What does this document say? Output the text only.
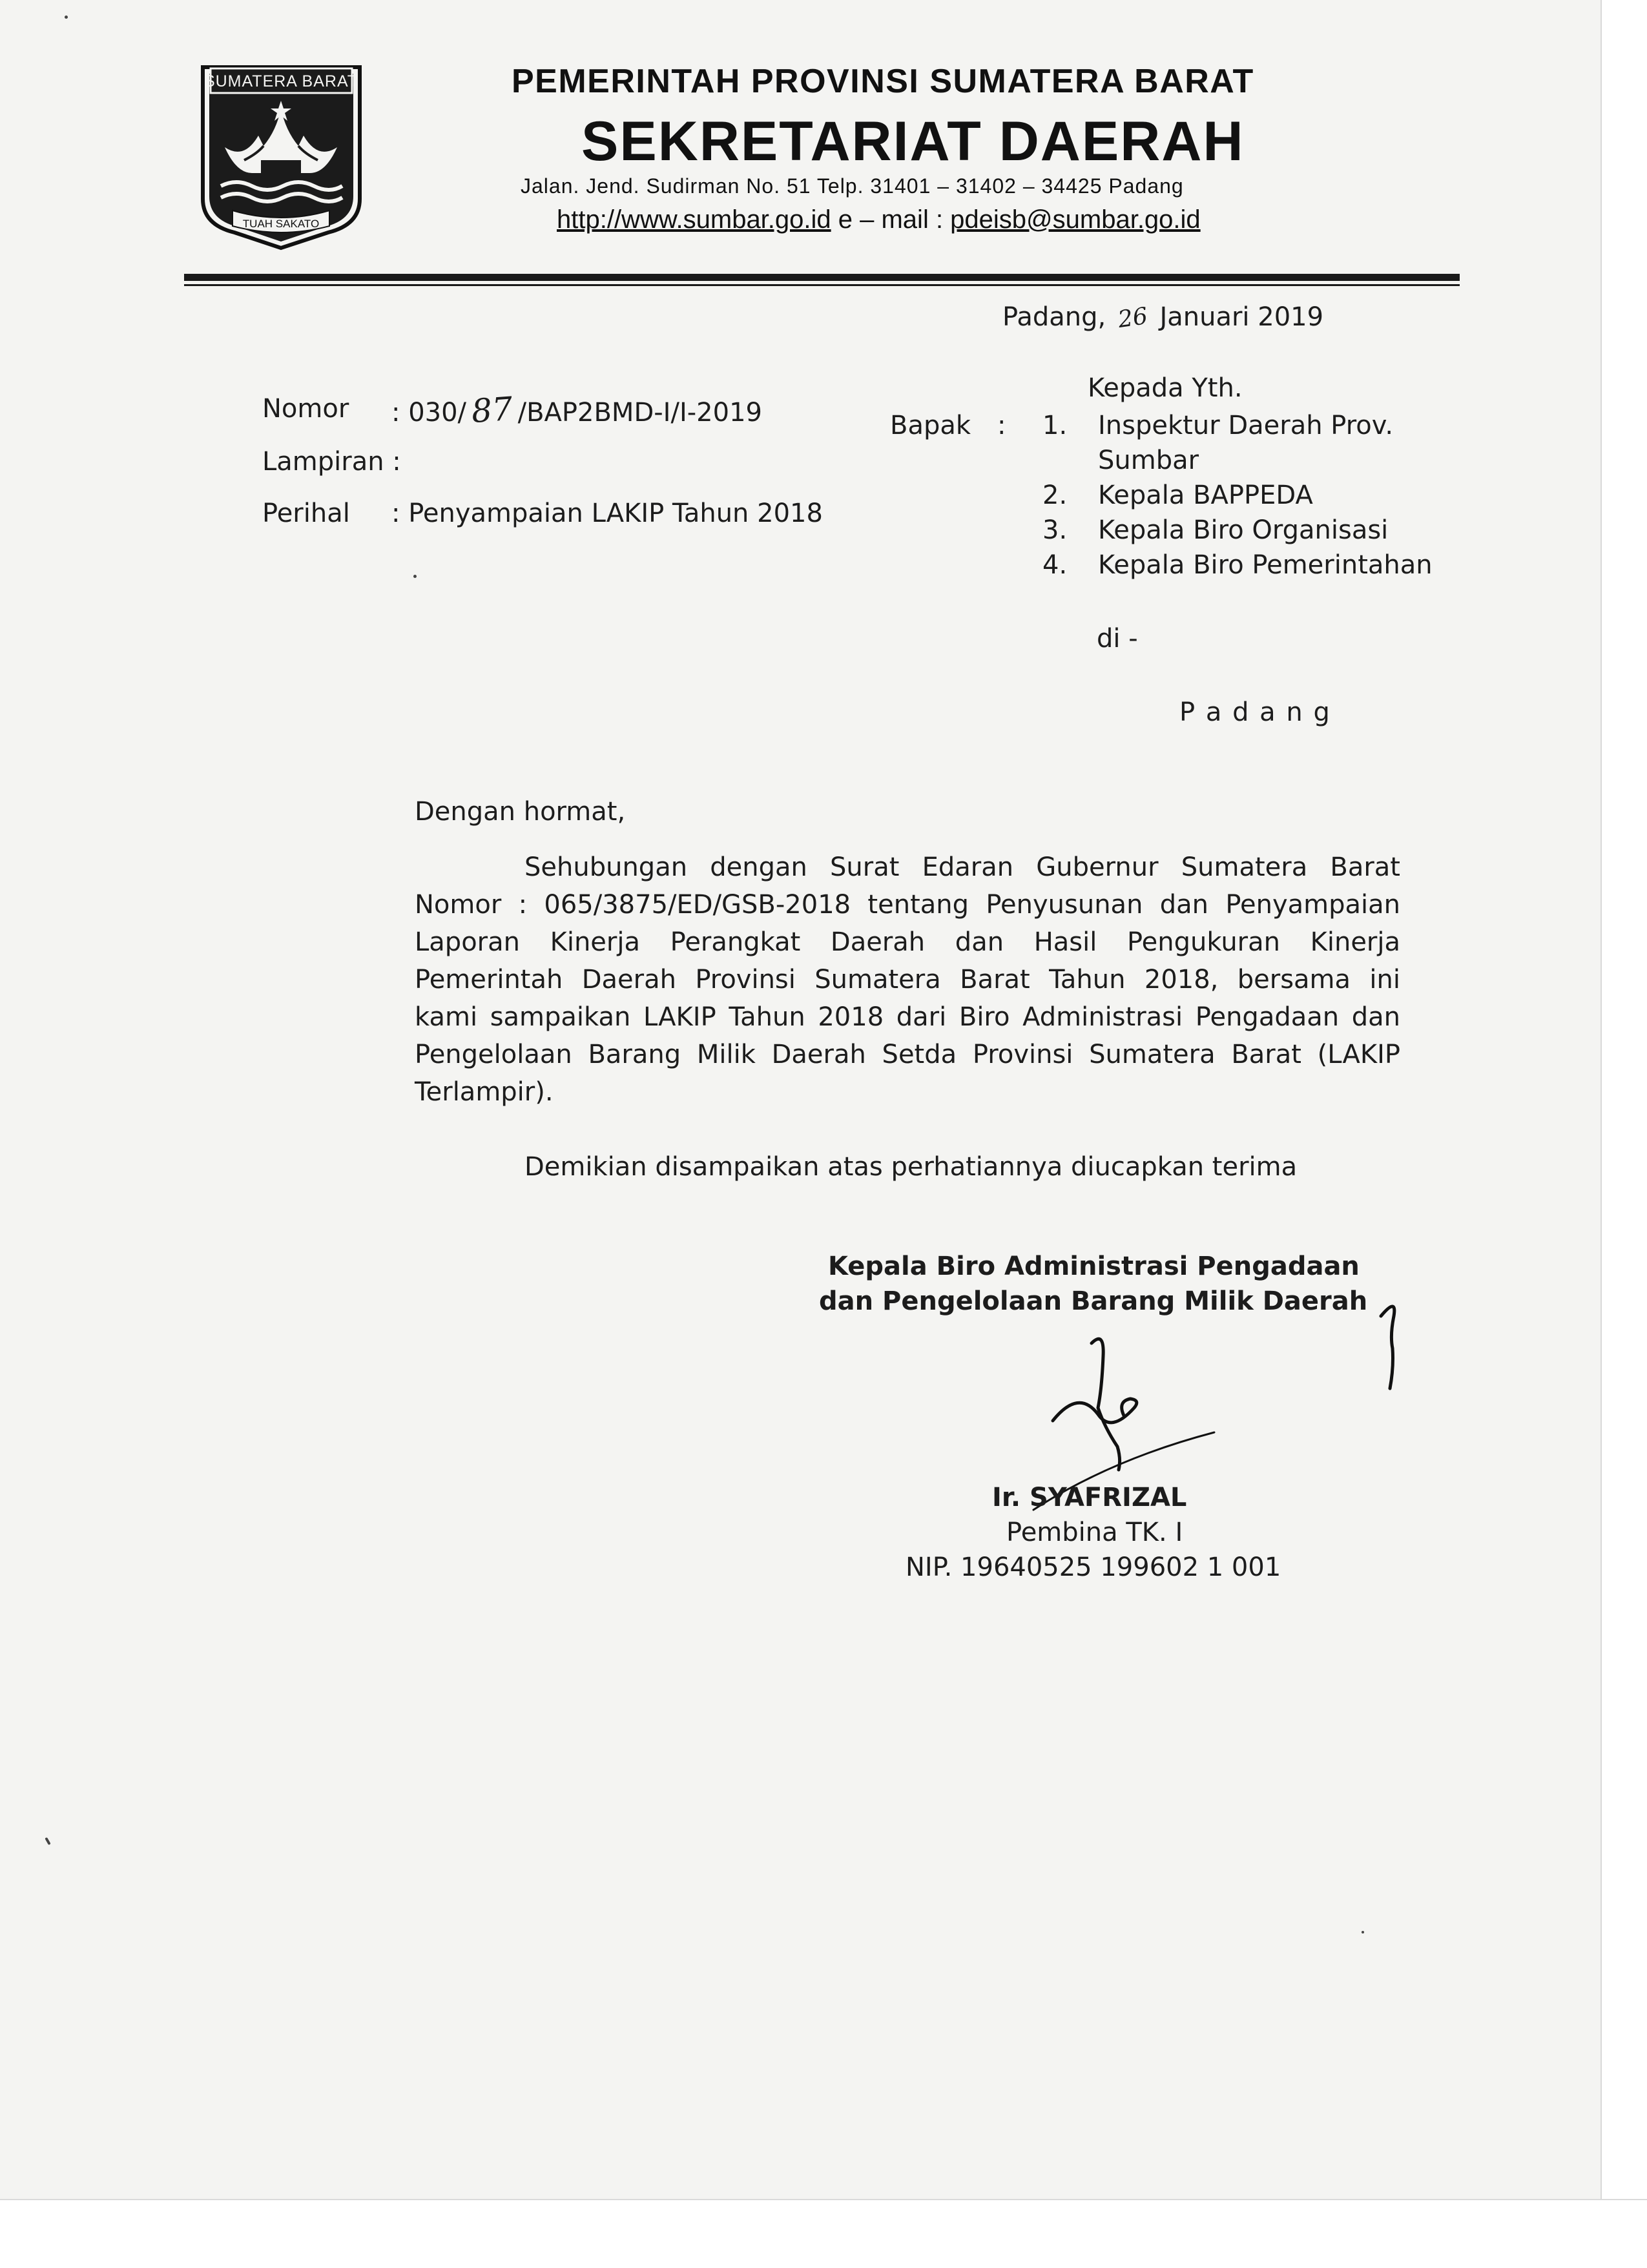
SUMATERA BARAT
TUAH SAKATO
PEMERINTAH PROVINSI SUMATERA BARAT
SEKRETARIAT DAERAH
Jalan. Jend. Sudirman No. 51 Telp. 31401 – 31402 – 34425 Padang
http://www.sumbar.go.id e – mail : pdeisb@sumbar.go.id
Padang, 26 Januari 2019
Nomor : 030/ 87 /BAP2BMD-I/I-2019
Lampiran :
Perihal : Penyampaian LAKIP Tahun 2018
Kepada Yth.
Bapak : 1. Inspektur Daerah Prov.
Sumbar
2. Kepala BAPPEDA
3. Kepala Biro Organisasi
4. Kepala Biro Pemerintahan
di -
P a d a n g
Dengan hormat,
Sehubungan dengan Surat Edaran Gubernur Sumatera Barat
Nomor : 065/3875/ED/GSB-2018 tentang Penyusunan dan Penyampaian
Laporan Kinerja Perangkat Daerah dan Hasil Pengukuran Kinerja
Pemerintah Daerah Provinsi Sumatera Barat Tahun 2018, bersama ini
kami sampaikan LAKIP Tahun 2018 dari Biro Administrasi Pengadaan dan
Pengelolaan Barang Milik Daerah Setda Provinsi Sumatera Barat (LAKIP
Terlampir).
Demikian disampaikan atas perhatiannya diucapkan terima
Kepala Biro Administrasi Pengadaan
dan Pengelolaan Barang Milik Daerah
Ir. SYAFRIZAL
Pembina TK. I
NIP. 19640525 199602 1 001
